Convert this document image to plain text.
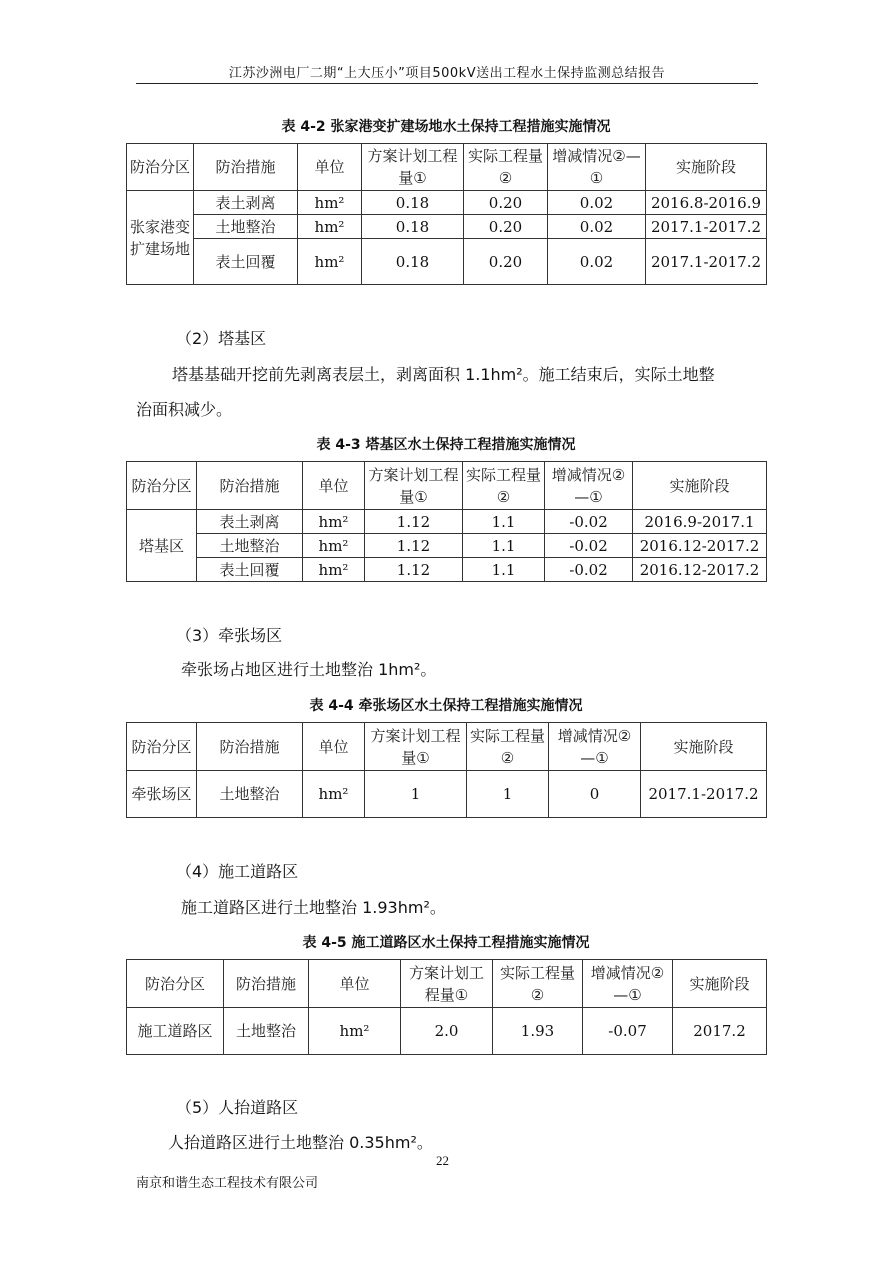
江苏沙洲电厂二期“上大压小”项目500kV送出工程水土保持监测总结报告
表 4-2 张家港变扩建场地水土保持工程措施实施情况
防治分区	防治措施	单位	方案计划工程量①	实际工程量②	增减情况②—①	实施阶段
张家港变扩建场地	表土剥离	hm²	0.18	0.20	0.02	2016.8-2016.9
	土地整治	hm²	0.18	0.20	0.02	2017.1-2017.2
	表土回覆	hm²	0.18	0.20	0.02	2017.1-2017.2
（2）塔基区
塔基基础开挖前先剥离表层土，剥离面积 1.1hm²。施工结束后，实际土地整
治面积减少。
表 4-3 塔基区水土保持工程措施实施情况
防治分区	防治措施	单位	方案计划工程量①	实际工程量②	增减情况②—①	实施阶段
塔基区	表土剥离	hm²	1.12	1.1	-0.02	2016.9-2017.1
	土地整治	hm²	1.12	1.1	-0.02	2016.12-2017.2
	表土回覆	hm²	1.12	1.1	-0.02	2016.12-2017.2
（3）牵张场区
牵张场占地区进行土地整治 1hm²。
表 4-4 牵张场区水土保持工程措施实施情况
防治分区	防治措施	单位	方案计划工程量①	实际工程量②	增减情况②—①	实施阶段
牵张场区	土地整治	hm²	1	1	0	2017.1-2017.2
（4）施工道路区
施工道路区进行土地整治 1.93hm²。
表 4-5 施工道路区水土保持工程措施实施情况
防治分区	防治措施	单位	方案计划工程量①	实际工程量②	增减情况②—①	实施阶段
施工道路区	土地整治	hm²	2.0	1.93	-0.07	2017.2
（5）人抬道路区
人抬道路区进行土地整治 0.35hm²。
22
南京和谐生态工程技术有限公司
